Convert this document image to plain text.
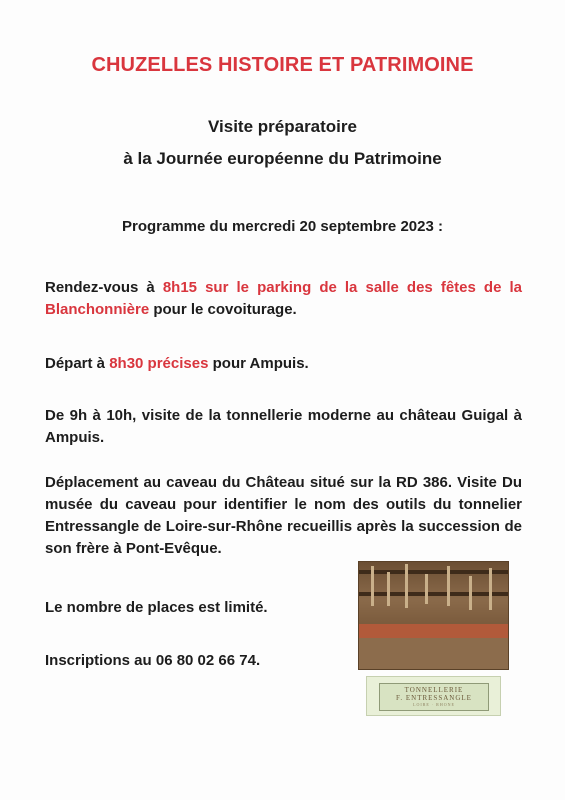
CHUZELLES HISTOIRE ET PATRIMOINE
Visite préparatoire
à la Journée européenne du Patrimoine
Programme du mercredi 20 septembre 2023 :
Rendez-vous à 8h15 sur le parking de la salle des fêtes de la Blanchonnière pour le covoiturage.
Départ à 8h30 précises pour Ampuis.
De 9h à 10h, visite de la tonnellerie moderne au château Guigal à Ampuis.
Déplacement au caveau du Château situé sur la RD 386. Visite Du musée du caveau pour identifier le nom des outils du tonnelier Entressangle de Loire-sur-Rhône recueillis après la succession de son frère à Pont-Evêque.
Le nombre de places est limité.
Inscriptions au 06 80 02 66 74.
TONNELLERIE
F. ENTRESSANGLE
LOIRE · RHONE
